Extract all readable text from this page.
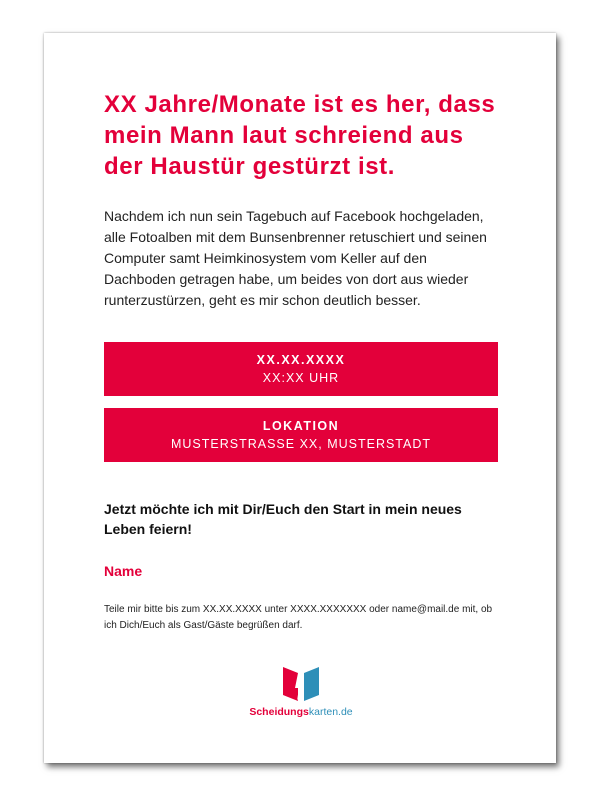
XX Jahre/Monate ist es her, dass mein Mann laut schreiend aus der Haustür gestürzt ist.

Nachdem ich nun sein Tagebuch auf Facebook hochgeladen, alle Fotoalben mit dem Bunsenbrenner retuschiert und seinen Computer samt Heimkinosystem vom Keller auf den Dachboden getragen habe, um beides von dort aus wieder runterzustürzen, geht es mir schon deutlich besser.

XX.XX.XXXX
XX:XX UHR
LOKATION
MUSTERSTRASSE XX, MUSTERSTADT

Jetzt möchte ich mit Dir/Euch den Start in mein neues Leben feiern!

Name

Teile mir bitte bis zum XX.XX.XXXX unter XXXX.XXXXXXX oder name@mail.de mit, ob ich Dich/Euch als Gast/Gäste begrüßen darf.

Scheidungskarten.de
